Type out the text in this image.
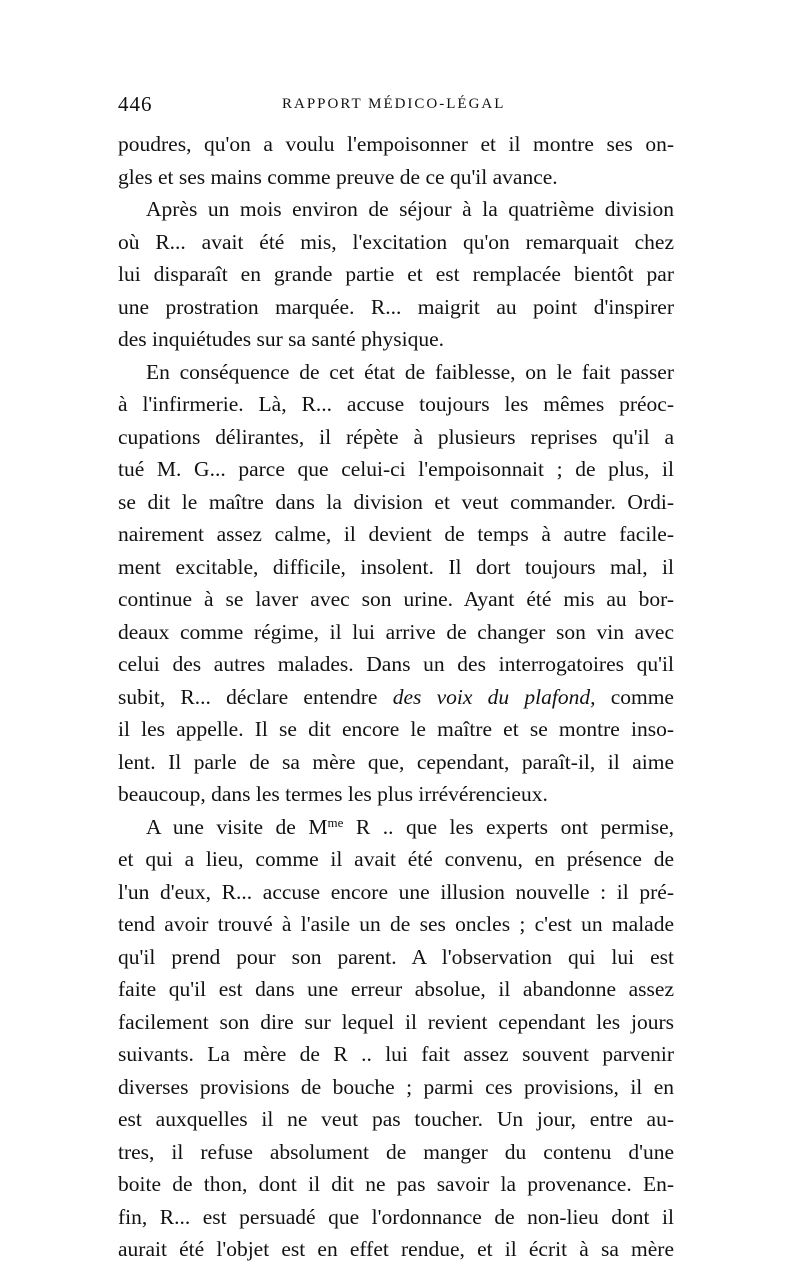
446	RAPPORT MÉDICO-LÉGAL
poudres, qu'on a voulu l'empoisonner et il montre ses on-
gles et ses mains comme preuve de ce qu'il avance.
Après un mois environ de séjour à la quatrième division
où R... avait été mis, l'excitation qu'on remarquait chez
lui disparaît en grande partie et est remplacée bientôt par
une prostration marquée. R... maigrit au point d'inspirer
des inquiétudes sur sa santé physique.
En conséquence de cet état de faiblesse, on le fait passer
à l'infirmerie. Là, R... accuse toujours les mêmes préoc-
cupations délirantes, il répète à plusieurs reprises qu'il a
tué M. G... parce que celui-ci l'empoisonnait ; de plus, il
se dit le maître dans la division et veut commander. Ordi-
nairement assez calme, il devient de temps à autre facile-
ment excitable, difficile, insolent. Il dort toujours mal, il
continue à se laver avec son urine. Ayant été mis au bor-
deaux comme régime, il lui arrive de changer son vin avec
celui des autres malades. Dans un des interrogatoires qu'il
subit, R... déclare entendre des voix du plafond, comme
il les appelle. Il se dit encore le maître et se montre inso-
lent. Il parle de sa mère que, cependant, paraît-il, il aime
beaucoup, dans les termes les plus irrévérencieux.
A une visite de $M^{me}$ R .. que les experts ont permise,
et qui a lieu, comme il avait été convenu, en présence de
l'un d'eux, R... accuse encore une illusion nouvelle : il pré-
tend avoir trouvé à l'asile un de ses oncles ; c'est un malade
qu'il prend pour son parent. A l'observation qui lui est
faite qu'il est dans une erreur absolue, il abandonne assez
facilement son dire sur lequel il revient cependant les jours
suivants. La mère de R .. lui fait assez souvent parvenir
diverses provisions de bouche ; parmi ces provisions, il en
est auxquelles il ne veut pas toucher. Un jour, entre au-
tres, il refuse absolument de manger du contenu d'une
boite de thon, dont il dit ne pas savoir la provenance. En-
fin, R... est persuadé que l'ordonnance de non-lieu dont il
aurait été l'objet est en effet rendue, et il écrit à sa mère
